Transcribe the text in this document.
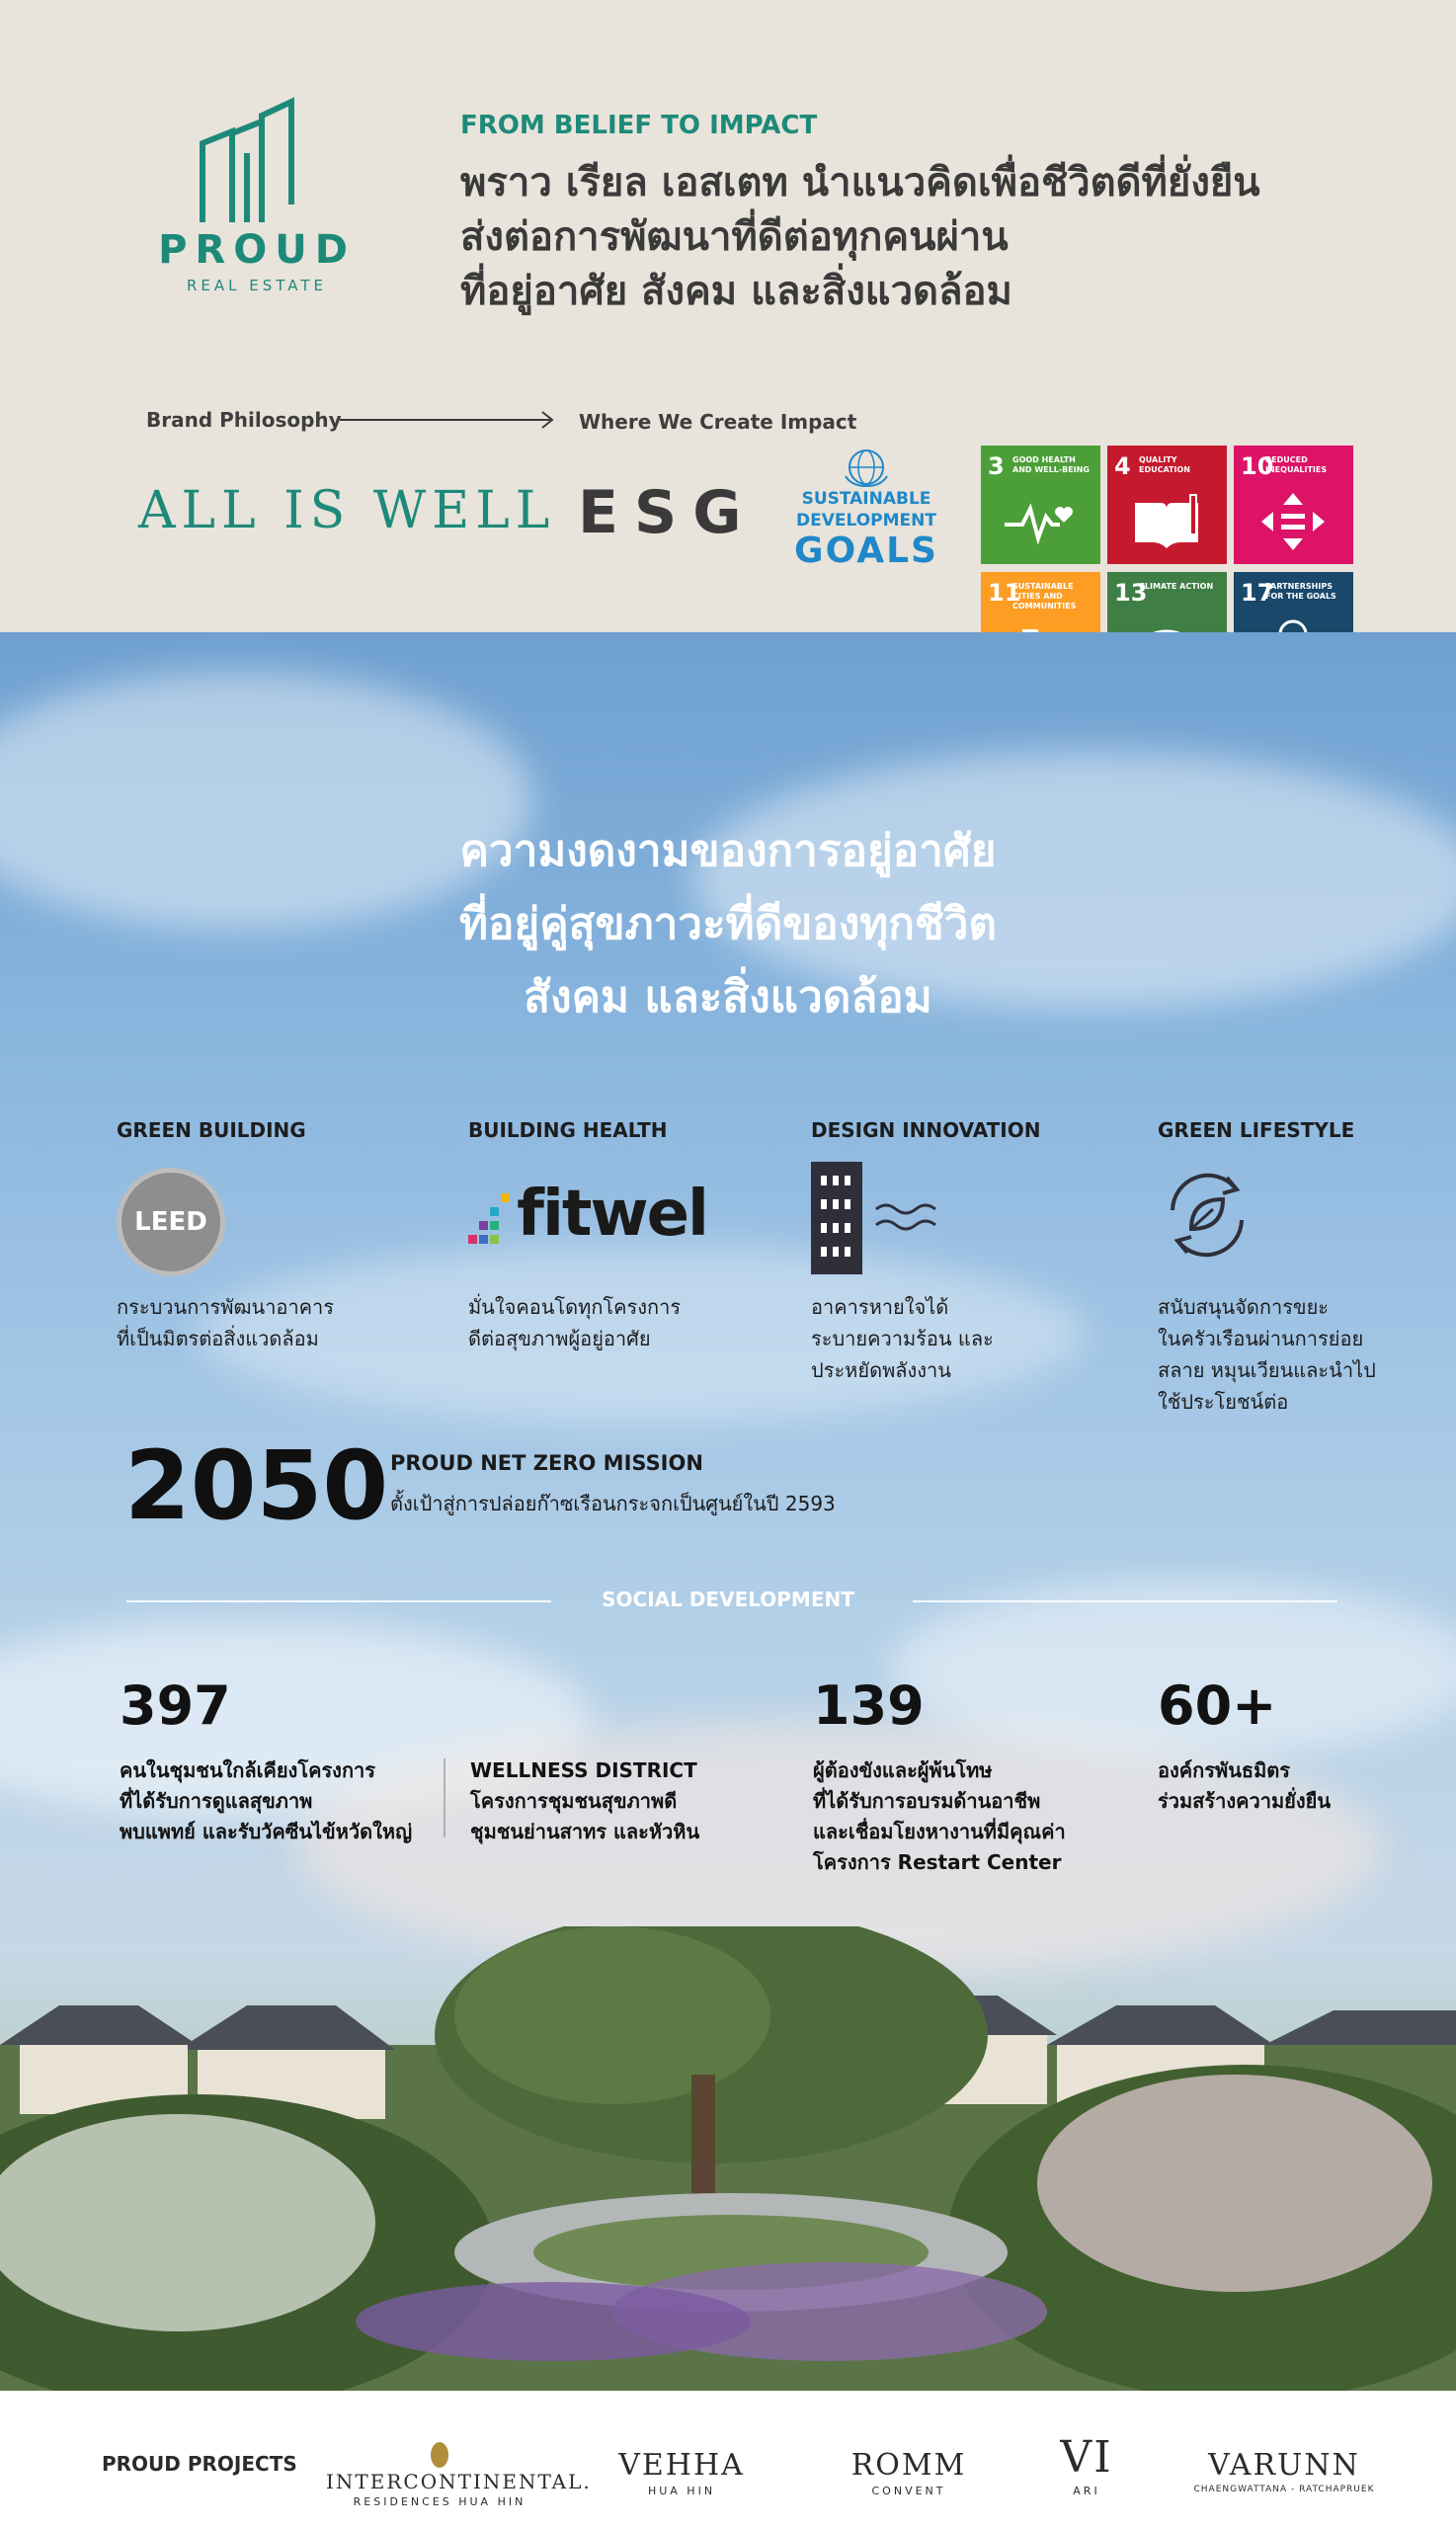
PROUD
REAL ESTATE
FROM BELIEF TO IMPACT
พราว เรียล เอสเตท นำแนวคิดเพื่อชีวิตดีที่ยั่งยืน
ส่งต่อการพัฒนาที่ดีต่อทุกคนผ่าน
ที่อยู่อาศัย สังคม และสิ่งแวดล้อม
Brand Philosophy	Where We Create Impact
ALL IS WELL ESG	SUSTAINABLE
DEVELOPMENT
GOALS
3 GOOD HEALTH AND WELL-BEING 4 QUALITY EDUCATION	10
REDUCED INEQUALITIES
11
SUSTAINABLE CITIES AND COMMUNITIES	13
CLIMATE ACTION 17
PARTNERSHIPS FOR THE GOALS
ความงดงามของการอยู่อาศัย
ที่อยู่คู่สุขภาวะที่ดีของทุกชีวิต
สังคม และสิ่งแวดล้อม
GREEN BUILDING
LEED
กระบวนการพัฒนาอาคาร
ที่เป็นมิตรต่อสิ่งแวดล้อม
BUILDING HEALTH
fitwel
มั่นใจคอนโดทุกโครงการ
ดีต่อสุขภาพผู้อยู่อาศัย
DESIGN INNOVATION
อาคารหายใจได้
ระบายความร้อน และ
ประหยัดพลังงาน
GREEN LIFESTYLE
สนับสนุนจัดการขยะ
ในครัวเรือนผ่านการย่อย
สลาย หมุนเวียนและนำไป
ใช้ประโยชน์ต่อ
2050 PROUD NET ZERO MISSION
ตั้งเป้าสู่การปล่อยก๊าซเรือนกระจกเป็นศูนย์ในปี 2593
SOCIAL DEVELOPMENT
397
คนในชุมชนใกล้เคียงโครงการ
ที่ได้รับการดูแลสุขภาพ
พบแพทย์ และรับวัคซีนไข้หวัดใหญ่
WELLNESS DISTRICT
โครงการชุมชนสุขภาพดี
ชุมชนย่านสาทร และหัวหิน
139
ผู้ต้องขังและผู้พ้นโทษ
ที่ได้รับการอบรมด้านอาชีพ
และเชื่อมโยงหางานที่มีคุณค่า
โครงการ Restart Center
60+
องค์กรพันธมิตร
ร่วมสร้างความยั่งยืน
PROUD PROJECTS
INTERCONTINENTAL.
RESIDENCES HUA HIN
VEHHA
HUA HIN
ROMM
CONVENT
VI
ARI
VARUNN
CHAENGWATTANA - RATCHAPRUEK
